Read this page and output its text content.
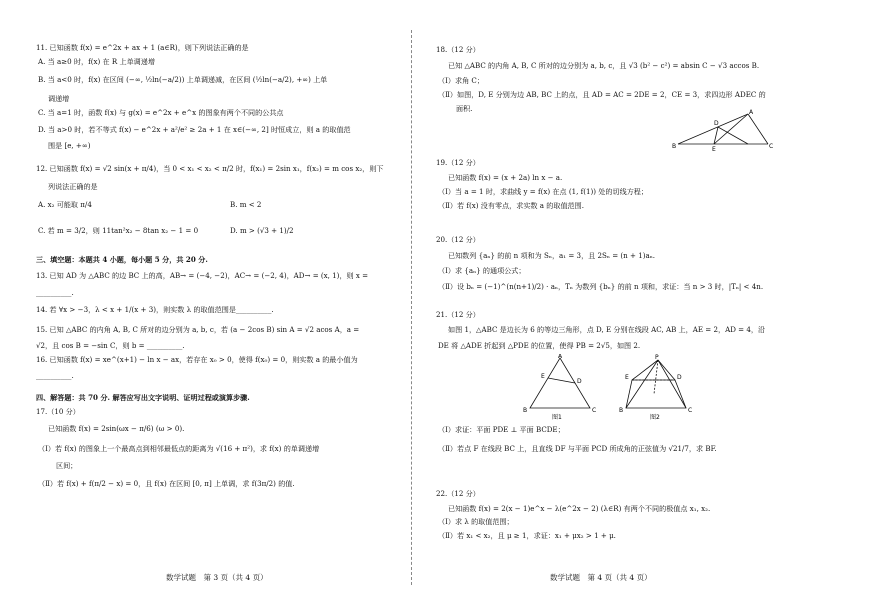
11. 已知函数 f(x) = e^2x + ax + 1 (a∈R)，则下列说法正确的是
A. 当 a≥0 时，f(x) 在 R 上单调递增
B. 当 a<0 时，f(x) 在区间 (−∞, ½ln(−a/2)) 上单调递减，在区间 (½ln(−a/2), +∞) 上单
调递增
C. 当 a=1 时，函数 f(x) 与 g(x) = e^2x + e^x 的图象有两个不同的公共点
D. 当 a>0 时，若不等式 f(x) − e^2x + a²/e² ≥ 2a + 1 在 x∈(−∞, 2] 时恒成立，则 a 的取值范
围是 [e, +∞)
12. 已知函数 f(x) = √2 sin(x + π/4)，当 0 < x₁ < x₂ < π/2 时，f(x₁) = 2sin x₁，f(x₂) = m cos x₂，则下
列说法正确的是
A. x₂ 可能取 π/4	B. m < 2
C. 若 m = 3/2，则 11tan²x₂ − 8tan x₂ − 1 = 0	D. m > (√3 + 1)/2
三、填空题：本题共 4 小题，每小题 5 分，共 20 分.
13. 已知 AD 为 △ABC 的边 BC 上的高，AB→ = (−4, −2)，AC→ = (−2, 4)，AD→ = (x, 1)，则 x =
__________.
14. 若 ∀x > −3，λ < x + 1/(x + 3)，则实数 λ 的取值范围是__________.
15. 已知 △ABC 的内角 A, B, C 所对的边分别为 a, b, c，若 (a − 2cos B) sin A = √2 acos A，a =
√2，且 cos B = −sin C，则 b = __________.
16. 已知函数 f(x) = xe^(x+1) − ln x − ax，若存在 x₀ > 0，使得 f(x₀) = 0，则实数 a 的最小值为
__________.
四、解答题：共 70 分. 解答应写出文字说明、证明过程或演算步骤.
17.（10 分）
已知函数 f(x) = 2sin(ωx − π/6) (ω > 0).
（Ⅰ）若 f(x) 的图象上一个最高点到相邻最低点的距离为 √(16 + π²)，求 f(x) 的单调递增
区间；
（Ⅱ）若 f(x) + f(π/2 − x) = 0，且 f(x) 在区间 [0, π] 上单调，求 f(3π/2) 的值.
数学试题　第 3 页（共 4 页）
18.（12 分）
已知 △ABC 的内角 A, B, C 所对的边分别为 a, b, c，且 √3 (b² − c²) = absin C − √3 accos B.
（Ⅰ）求角 C；
（Ⅱ）如图，D, E 分别为边 AB, BC 上的点，且 AD = AC = 2DE = 2，CE = 3，求四边形 ADEC 的
面积.
B	C
A
D
E
19.（12 分）
已知函数 f(x) = (x + 2a) ln x − a.
（Ⅰ）当 a = 1 时，求曲线 y = f(x) 在点 (1, f(1)) 处的切线方程；
（Ⅱ）若 f(x) 没有零点，求实数 a 的取值范围.
20.（12 分）
已知数列 {aₙ} 的前 n 项和为 Sₙ，a₁ = 3，且 2Sₙ = (n + 1)aₙ.
（Ⅰ）求 {aₙ} 的通项公式；
（Ⅱ）设 bₙ = (−1)^(n(n+1)/2) · aₙ，Tₙ 为数列 {bₙ} 的前 n 项和，求证：当 n > 3 时，|Tₙ| < 4n.
21.（12 分）
如图 1，△ABC 是边长为 6 的等边三角形，点 D, E 分别在线段 AC, AB 上，AE = 2，AD = 4，沿
DE 将 △ADE 折起到 △PDE 的位置，使得 PB = 2√5，如图 2.
B	C
A
E
D
图1
B	C
P
E	D
图2
（Ⅰ）求证：平面 PDE ⊥ 平面 BCDE；
（Ⅱ）若点 F 在线段 BC 上，且直线 DF 与平面 PCD 所成角的正弦值为 √21/7，求 BF.
22.（12 分）
已知函数 f(x) = 2(x − 1)e^x − λ(e^2x − 2) (λ∈R) 有两个不同的极值点 x₁, x₂.
（Ⅰ）求 λ 的取值范围；
（Ⅱ）若 x₁ < x₂，且 μ ≥ 1，求证：x₁ + μx₂ > 1 + μ.
数学试题　第 4 页（共 4 页）
